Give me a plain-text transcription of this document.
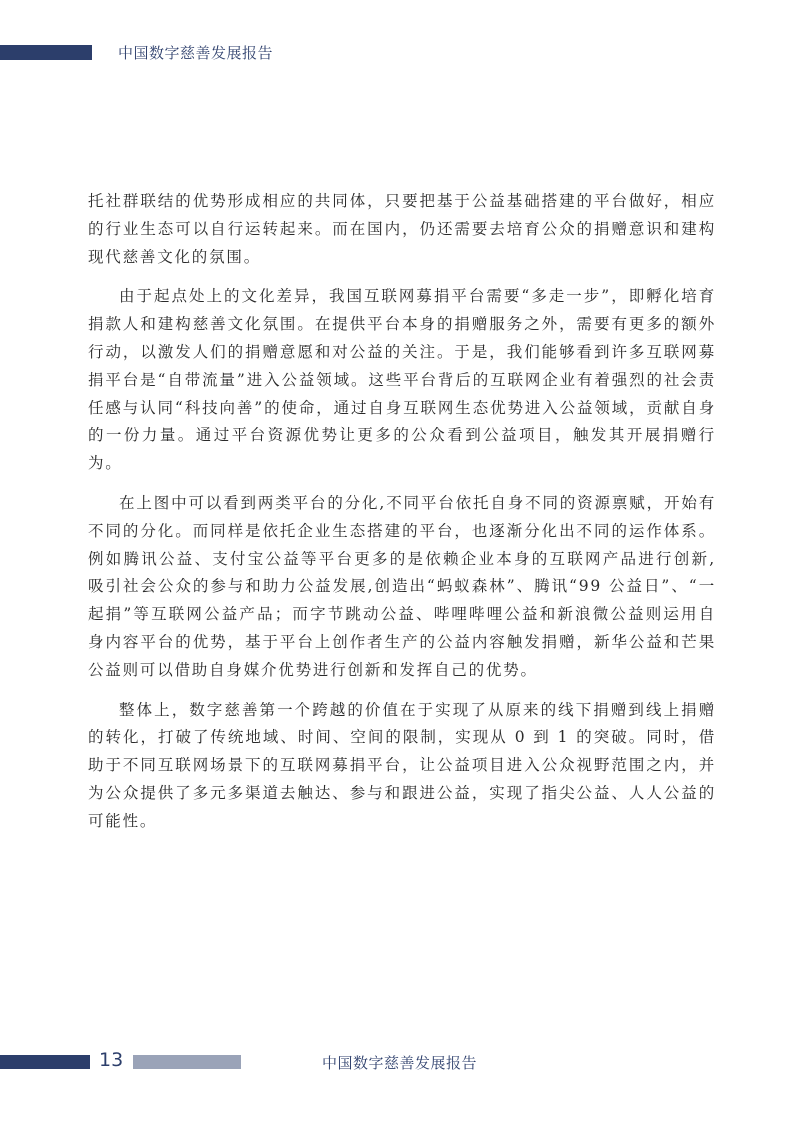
中国数字慈善发展报告

托社群联结的优势形成相应的共同体，只要把基于公益基础搭建的平台做好，相应的行业生态可以自行运转起来。而在国内，仍还需要去培育公众的捐赠意识和建构现代慈善文化的氛围。

由于起点处上的文化差异，我国互联网募捐平台需要“多走一步”，即孵化培育捐款人和建构慈善文化氛围。在提供平台本身的捐赠服务之外，需要有更多的额外行动，以激发人们的捐赠意愿和对公益的关注。于是，我们能够看到许多互联网募捐平台是“自带流量”进入公益领域。这些平台背后的互联网企业有着强烈的社会责任感与认同“科技向善”的使命，通过自身互联网生态优势进入公益领域，贡献自身的一份力量。通过平台资源优势让更多的公众看到公益项目，触发其开展捐赠行为。

在上图中可以看到两类平台的分化,不同平台依托自身不同的资源禀赋，开始有不同的分化。而同样是依托企业生态搭建的平台，也逐渐分化出不同的运作体系。例如腾讯公益、支付宝公益等平台更多的是依赖企业本身的互联网产品进行创新,吸引社会公众的参与和助力公益发展,创造出“蚂蚁森林”、腾讯“99 公益日”、“一起捐”等互联网公益产品；而字节跳动公益、哔哩哔哩公益和新浪微公益则运用自身内容平台的优势，基于平台上创作者生产的公益内容触发捐赠，新华公益和芒果公益则可以借助自身媒介优势进行创新和发挥自己的优势。

整体上，数字慈善第一个跨越的价值在于实现了从原来的线下捐赠到线上捐赠的转化，打破了传统地域、时间、空间的限制，实现从 0 到 1 的突破。同时，借助于不同互联网场景下的互联网募捐平台，让公益项目进入公众视野范围之内，并为公众提供了多元多渠道去触达、参与和跟进公益，实现了指尖公益、人人公益的可能性。

13	中国数字慈善发展报告
